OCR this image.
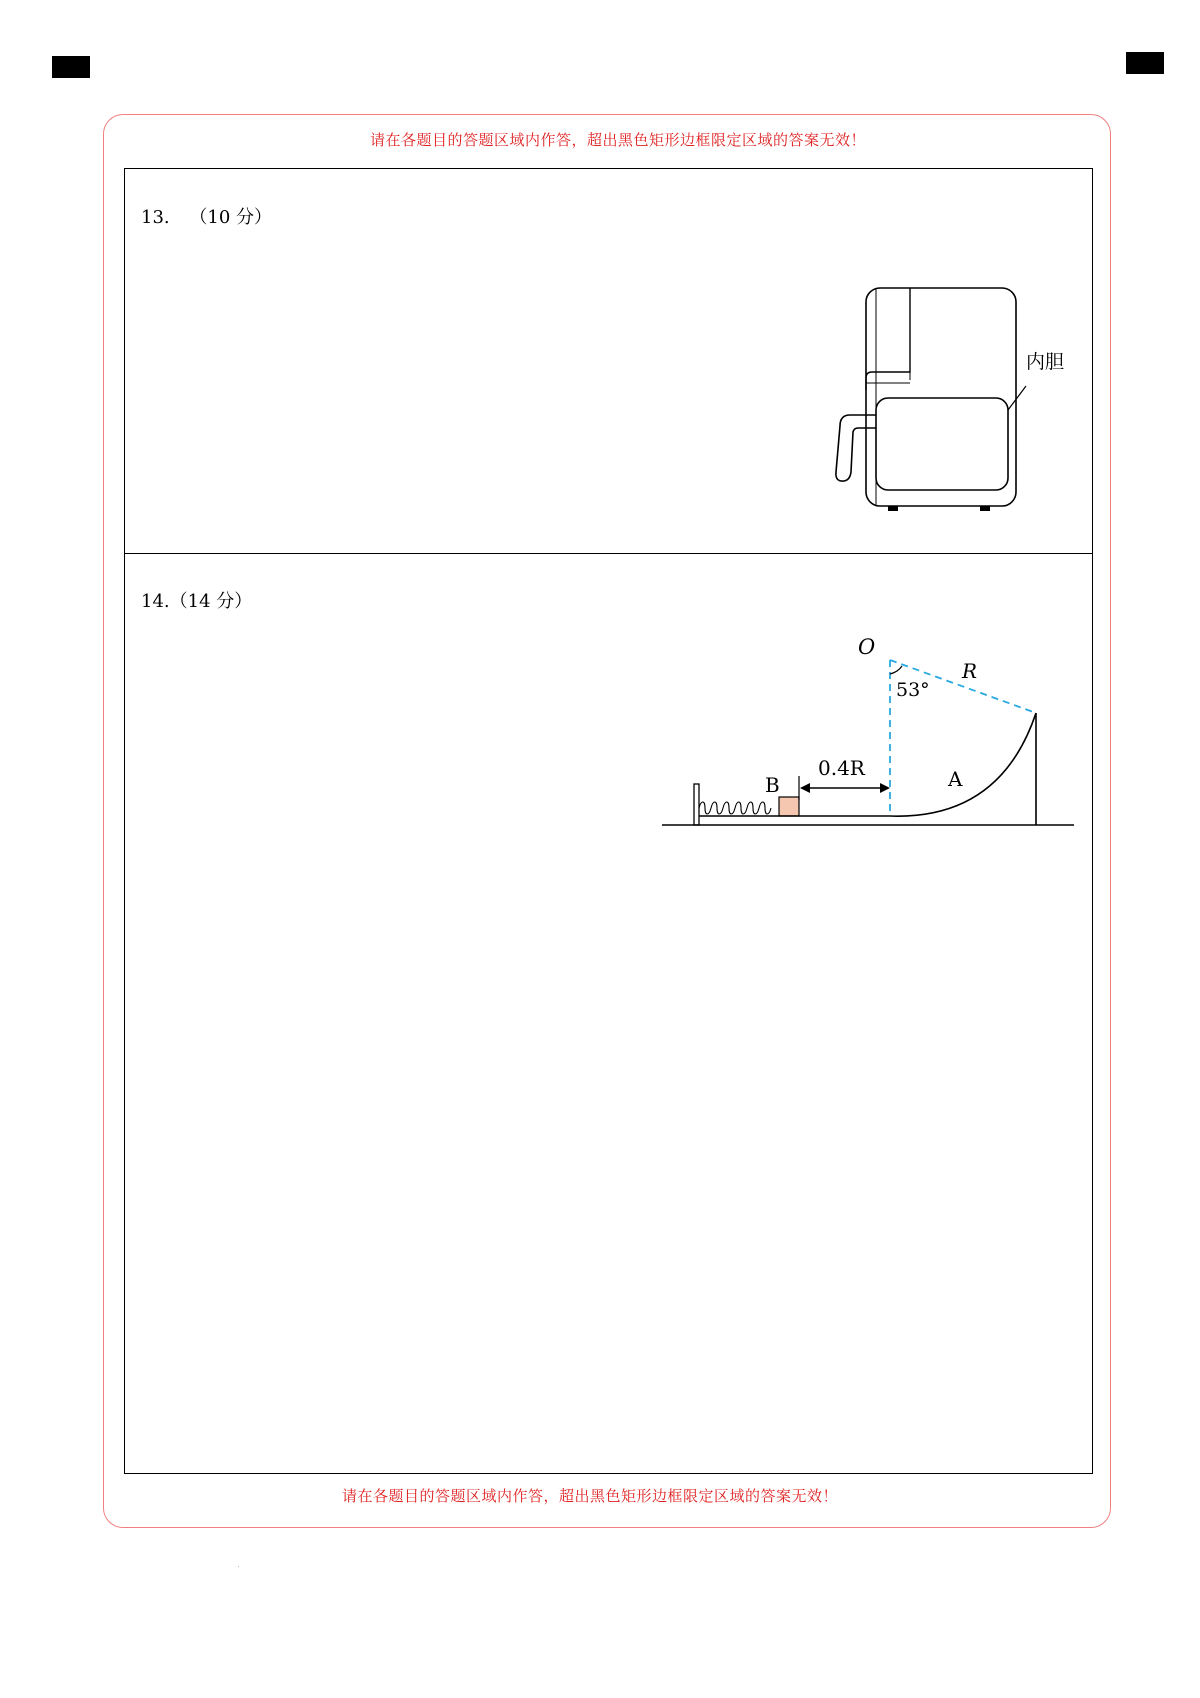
请在各题目的答题区域内作答，超出黑色矩形边框限定区域的答案无效！
13. （10 分）
内胆
14.（14 分）
B	A
0.4R
O
R
53°
请在各题目的答题区域内作答，超出黑色矩形边框限定区域的答案无效！
